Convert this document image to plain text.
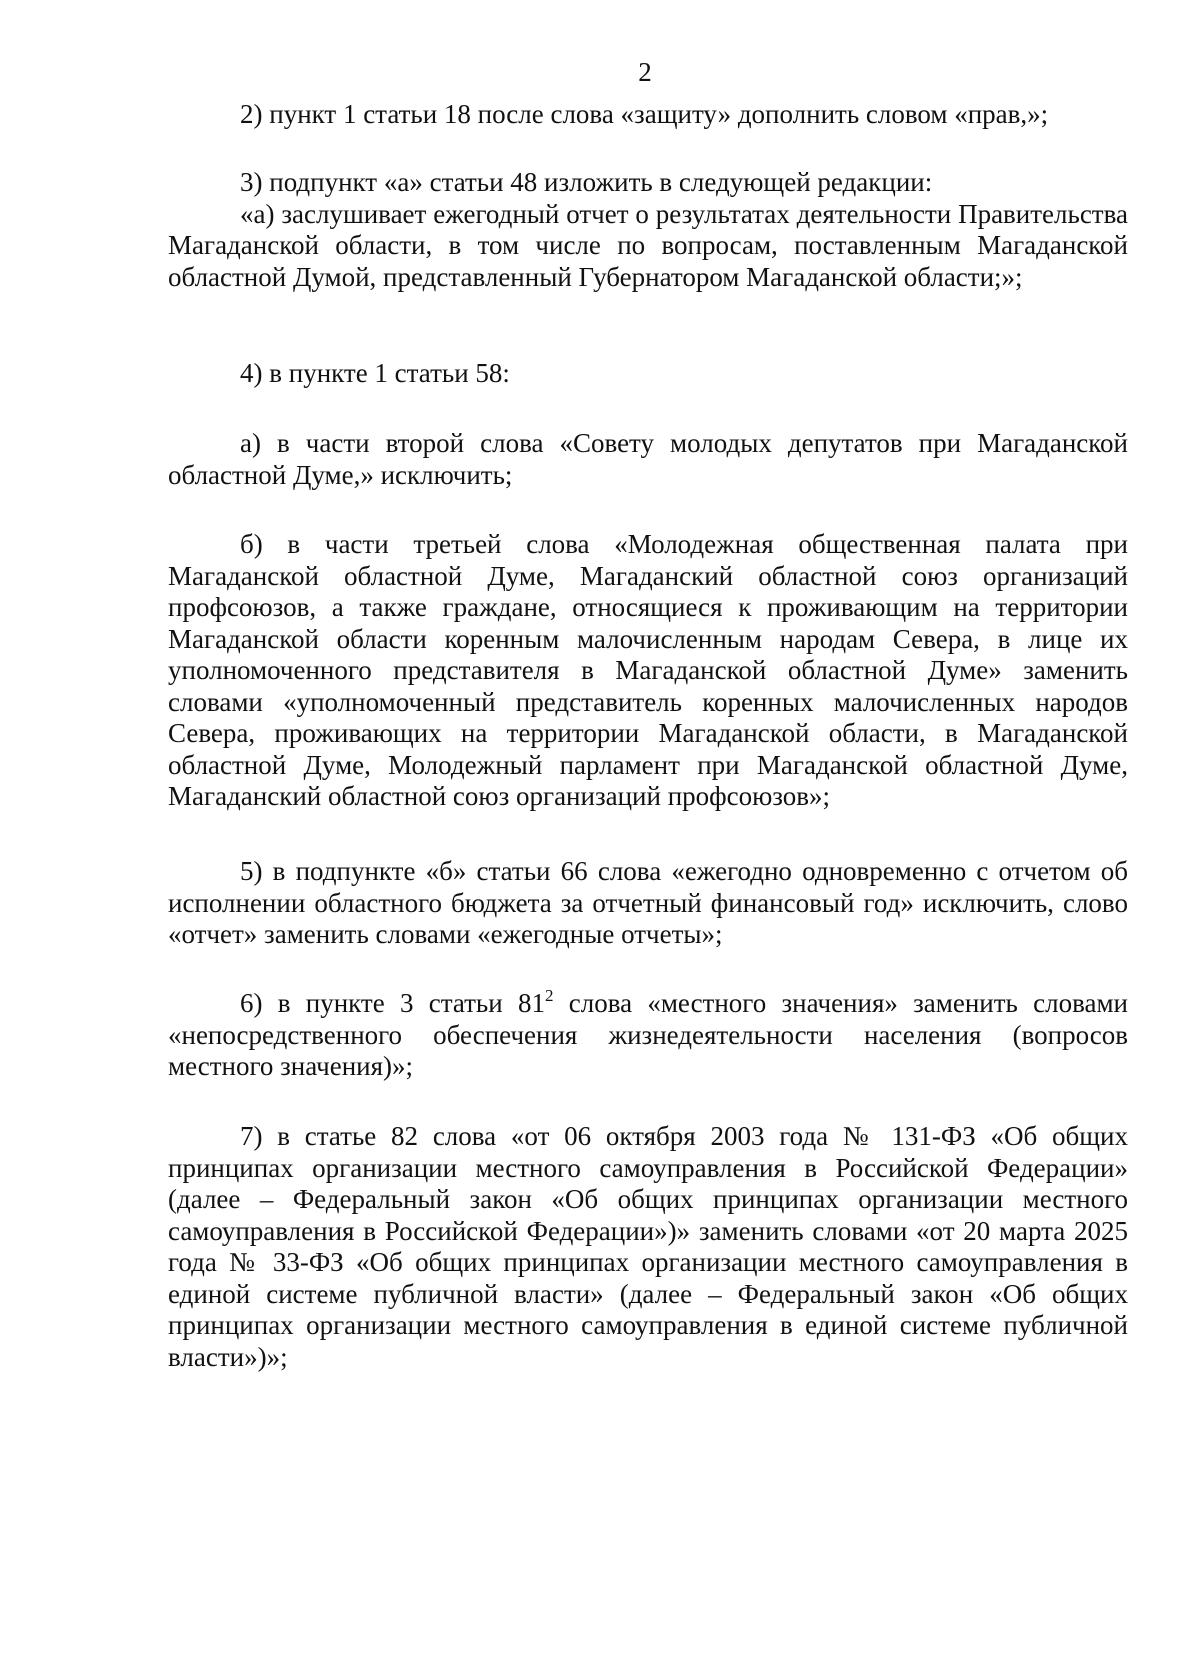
2

2) пункт 1 статьи 18 после слова «защиту» дополнить словом «прав,»;

3) подпункт «а» статьи 48 изложить в следующей редакции:

«а) заслушивает ежегодный отчет о результатах деятельности Правительства Магаданской области, в том числе по вопросам, поставленным Магаданской областной Думой, представленный Губернатором Магаданской области;»;

4) в пункте 1 статьи 58:

а) в части второй слова «Совету молодых депутатов при Магаданской областной Думе,» исключить;

б) в части третьей слова «Молодежная общественная палата при Магаданской областной Думе, Магаданский областной союз организаций профсоюзов, а также граждане, относящиеся к проживающим на территории Магаданской области коренным малочисленным народам Севера, в лице их уполномоченного представителя в Магаданской областной Думе» заменить словами «уполномоченный представитель коренных малочисленных народов Севера, проживающих на территории Магаданской области, в Магаданской областной Думе, Молодежный парламент при Магаданской областной Думе, Магаданский областной союз организаций профсоюзов»;

5) в подпункте «б» статьи 66 слова «ежегодно одновременно с отчетом об исполнении областного бюджета за отчетный финансовый год» исключить, слово «отчет» заменить словами «ежегодные отчеты»;

6) в пункте 3 статьи $81^2$ слова «местного значения» заменить словами «непосредственного обеспечения жизнедеятельности населения (вопросов местного значения)»;

7) в статье 82 слова «от 06 октября 2003 года № 131-ФЗ «Об общих принципах организации местного самоуправления в Российской Федерации» (далее – Федеральный закон «Об общих принципах организации местного самоуправления в Российской Федерации»)» заменить словами «от 20 марта 2025 года № 33-ФЗ «Об общих принципах организации местного самоуправления в единой системе публичной власти» (далее – Федеральный закон «Об общих принципах организации местного самоуправления в единой системе публичной власти»)»;
